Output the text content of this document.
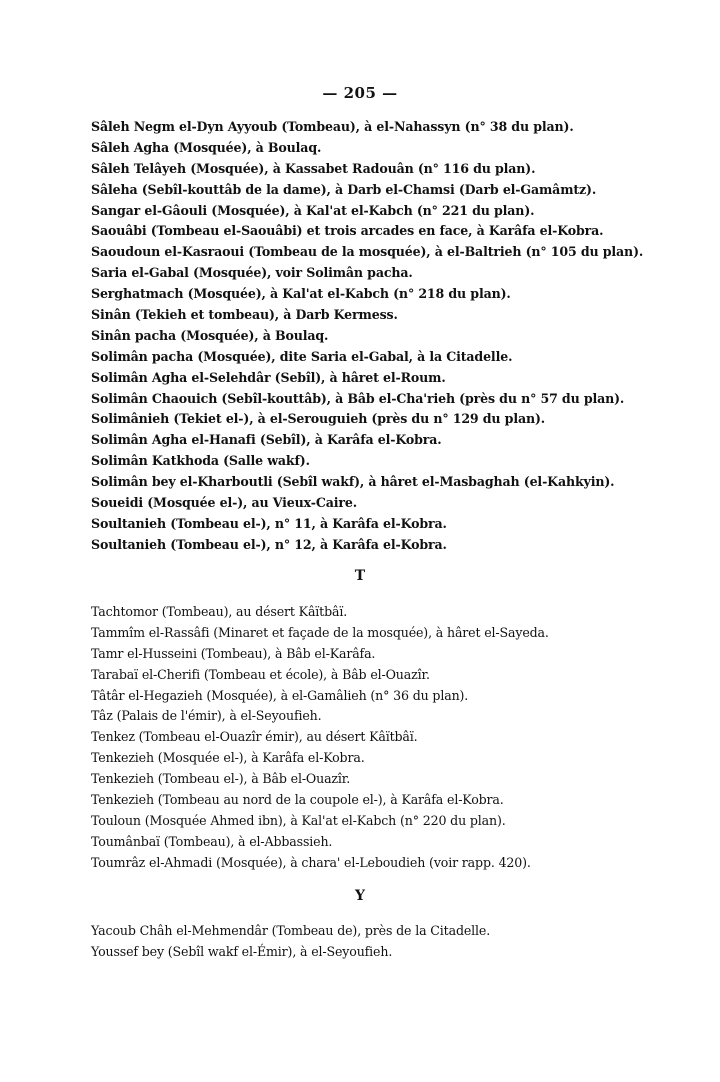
— 205 —
Sâleh Negm el-Dyn Ayyoub (Tombeau), à el-Nahassyn (n° 38 du plan).
Sâleh Agha (Mosquée), à Boulaq.
Sâleh Telâyeh (Mosquée), à Kassabet Radouân (n° 116 du plan).
Sâleha (Sebîl-kouttâb de la dame), à Darb el-Chamsi (Darb el-Gamâmtz).
Sangar el-Gâouli (Mosquée), à Kal'at el-Kabch (n° 221 du plan).
Saouâbi (Tombeau el-Saouâbi) et trois arcades en face, à Karâfa el-Kobra.
Saoudoun el-Kasraoui (Tombeau de la mosquée), à el-Baltrieh (n° 105 du plan).
Saria el-Gabal (Mosquée), voir Solimân pacha.
Serghatmach (Mosquée), à Kal'at el-Kabch (n° 218 du plan).
Sinân (Tekieh et tombeau), à Darb Kermess.
Sinân pacha (Mosquée), à Boulaq.
Solimân pacha (Mosquée), dite Saria el-Gabal, à la Citadelle.
Solimân Agha el-Selehdâr (Sebîl), à hâret el-Roum.
Solimân Chaouich (Sebîl-kouttâb), à Bâb el-Cha'rieh (près du n° 57 du plan).
Solimânieh (Tekiet el-), à el-Serouguieh (près du n° 129 du plan).
Solimân Agha el-Hanafi (Sebîl), à Karâfa el-Kobra.
Solimân Katkhoda (Salle wakf).
Solimân bey el-Kharboutli (Sebîl wakf), à hâret el-Masbaghah (el-Kahkyin).
Soueidi (Mosquée el-), au Vieux-Caire.
Soultanieh (Tombeau el-), n° 11, à Karâfa el-Kobra.
Soultanieh (Tombeau el-), n° 12, à Karâfa el-Kobra.
T
Tachtomor (Tombeau), au désert Kâïtbâï.
Tammîm el-Rassâfi (Minaret et façade de la mosquée), à hâret el-Sayeda.
Tamr el-Husseini (Tombeau), à Bâb el-Karâfa.
Tarabaï el-Cherifi (Tombeau et école), à Bâb el-Ouazîr.
Tâtâr el-Hegazieh (Mosquée), à el-Gamâlieh (n° 36 du plan).
Tâz (Palais de l'émir), à el-Seyoufieh.
Tenkez (Tombeau el-Ouazîr émir), au désert Kâïtbâï.
Tenkezieh (Mosquée el-), à Karâfa el-Kobra.
Tenkezieh (Tombeau el-), à Bâb el-Ouazîr.
Tenkezieh (Tombeau au nord de la coupole el-), à Karâfa el-Kobra.
Touloun (Mosquée Ahmed ibn), à Kal'at el-Kabch (n° 220 du plan).
Toumânbaï (Tombeau), à el-Abbassieh.
Toumrâz el-Ahmadi (Mosquée), à chara' el-Leboudieh (voir rapp. 420).
Y
Yacoub Châh el-Mehmendâr (Tombeau de), près de la Citadelle.
Youssef bey (Sebîl wakf el-Émir), à el-Seyoufieh.
